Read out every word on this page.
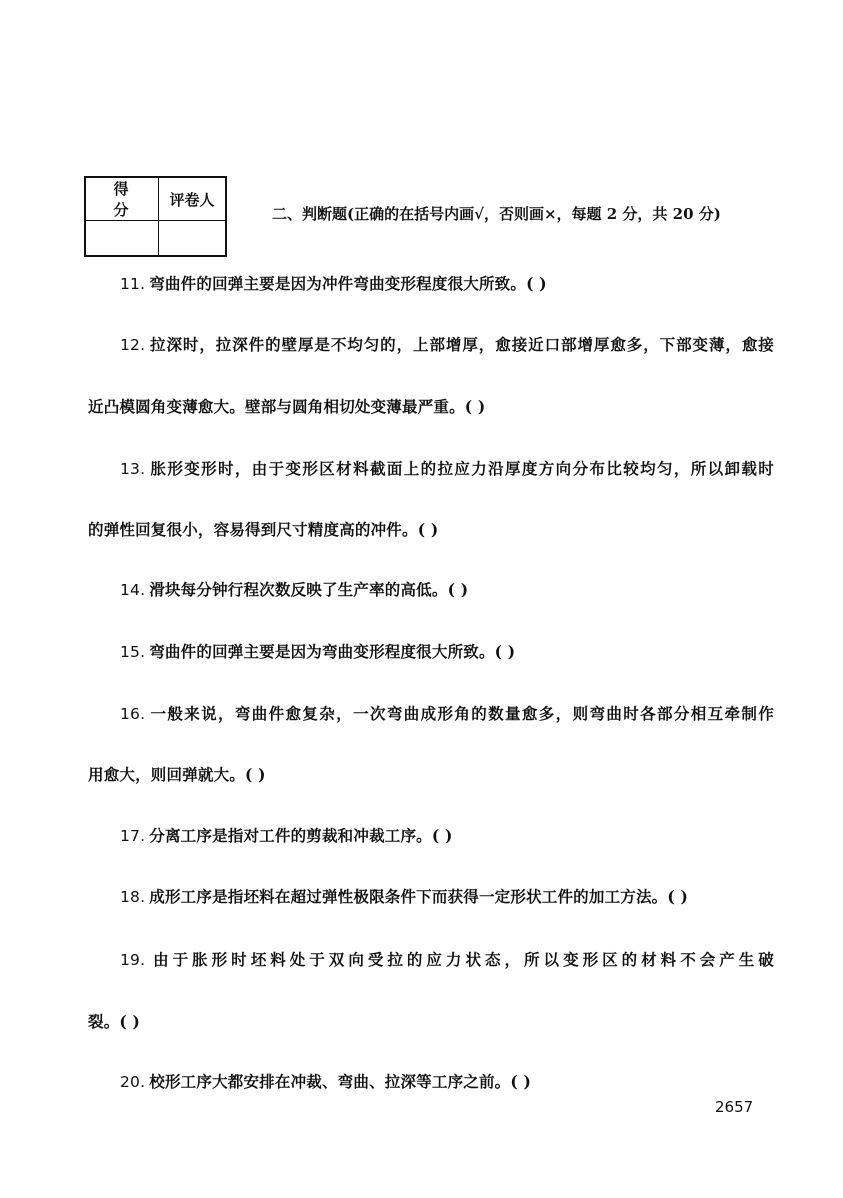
得 分	评卷人

二、判断题(正确的在括号内画√，否则画×，每题 2 分，共 20 分)
11. 弯曲件的回弹主要是因为冲件弯曲变形程度很大所致。( )
12. 拉深时，拉深件的壁厚是不均匀的，上部增厚，愈接近口部增厚愈多，下部变薄，愈接
近凸模圆角变薄愈大。壁部与圆角相切处变薄最严重。( )
13. 胀形变形时，由于变形区材料截面上的拉应力沿厚度方向分布比较均匀，所以卸载时
的弹性回复很小，容易得到尺寸精度高的冲件。( )
14. 滑块每分钟行程次数反映了生产率的高低。( )
15. 弯曲件的回弹主要是因为弯曲变形程度很大所致。( )
16. 一般来说，弯曲件愈复杂，一次弯曲成形角的数量愈多，则弯曲时各部分相互牵制作
用愈大，则回弹就大。( )
17. 分离工序是指对工件的剪裁和冲裁工序。( )
18. 成形工序是指坯料在超过弹性极限条件下而获得一定形状工件的加工方法。( )
19. 由于胀形时坯料处于双向受拉的应力状态，所以变形区的材料不会产生破
裂。( )
20. 校形工序大都安排在冲裁、弯曲、拉深等工序之前。( )
2657
